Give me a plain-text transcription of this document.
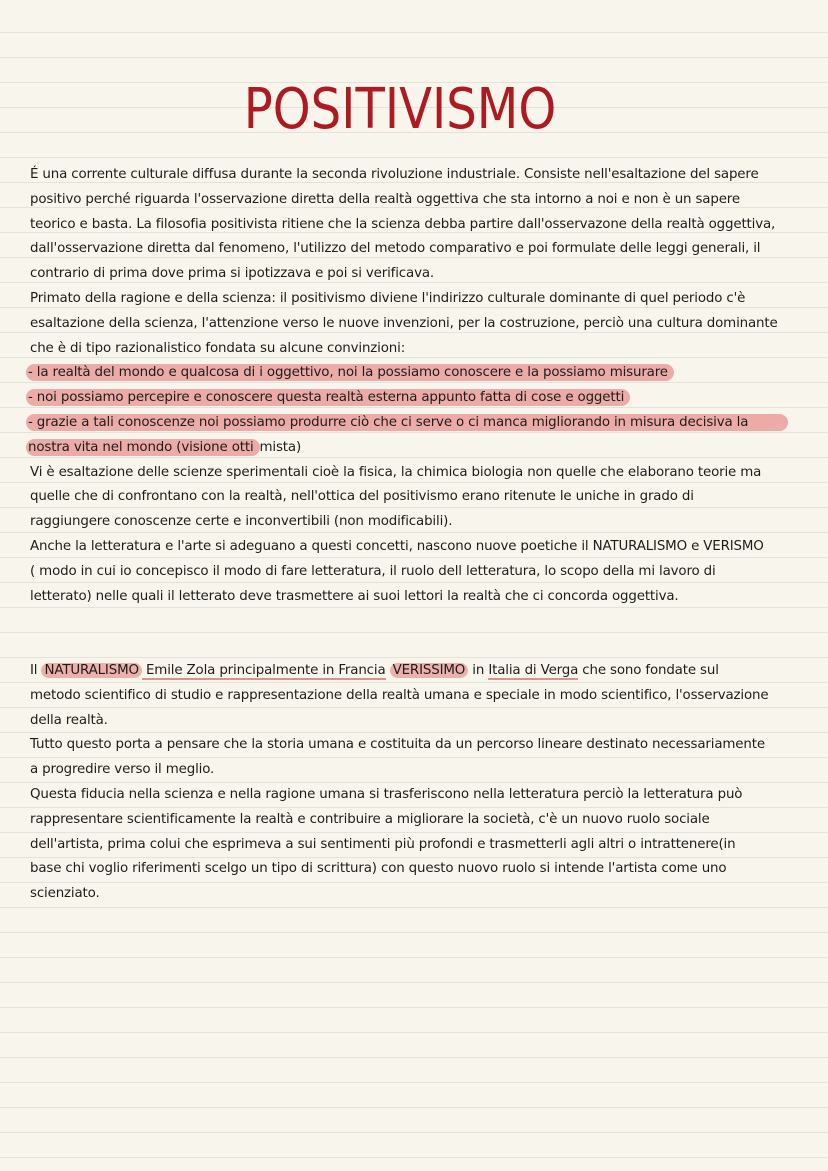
POSITIVISMO
É una corrente culturale diffusa durante la seconda rivoluzione industriale. Consiste nell'esaltazione del sapere
positivo perché riguarda l'osservazione diretta della realtà oggettiva che sta intorno a noi e non è un sapere
teorico e basta. La filosofia positivista ritiene che la scienza debba partire dall'osservazone della realtà oggettiva,
dall'osservazione diretta dal fenomeno, l'utilizzo del metodo comparativo e poi formulate delle leggi generali, il
contrario di prima dove prima si ipotizzava e poi si verificava.
Primato della ragione e della scienza: il positivismo diviene l'indirizzo culturale dominante di quel periodo c'è
esaltazione della scienza, l'attenzione verso le nuove invenzioni, per la costruzione, perciò una cultura dominante
che è di tipo razionalistico fondata su alcune convinzioni:
- la realtà del mondo e qualcosa di i oggettivo, noi la possiamo conoscere e la possiamo misurare
- noi possiamo percepire e conoscere questa realtà esterna appunto fatta di cose e oggetti
- grazie a tali conoscenze noi possiamo produrre ciò che ci serve o ci manca migliorando in misura decisiva la
nostra vita nel mondo (visione otti mista)
Vi è esaltazione delle scienze sperimentali cioè la fisica, la chimica biologia non quelle che elaborano teorie ma
quelle che di confrontano con la realtà, nell'ottica del positivismo erano ritenute le uniche in grado di
raggiungere conoscenze certe e inconvertibili (non modificabili).
Anche la letteratura e l'arte si adeguano a questi concetti, nascono nuove poetiche il NATURALISMO e VERISMO
( modo in cui io concepisco il modo di fare letteratura, il ruolo dell letteratura, lo scopo della mi lavoro di
letterato) nelle quali il letterato deve trasmettere ai suoi lettori la realtà che ci concorda oggettiva.
Il NATURALISMO Emile Zola principalmente in Francia VERISSIMO in Italia di Verga che sono fondate sul
metodo scientifico di studio e rappresentazione della realtà umana e speciale in modo scientifico, l'osservazione
della realtà.
Tutto questo porta a pensare che la storia umana e costituita da un percorso lineare destinato necessariamente
a progredire verso il meglio.
Questa fiducia nella scienza e nella ragione umana si trasferiscono nella letteratura perciò la letteratura può
rappresentare scientificamente la realtà e contribuire a migliorare la società, c'è un nuovo ruolo sociale
dell'artista, prima colui che esprimeva a sui sentimenti più profondi e trasmetterli agli altri o intrattenere(in
base chi voglio riferimenti scelgo un tipo di scrittura) con questo nuovo ruolo si intende l'artista come uno
scienziato.
